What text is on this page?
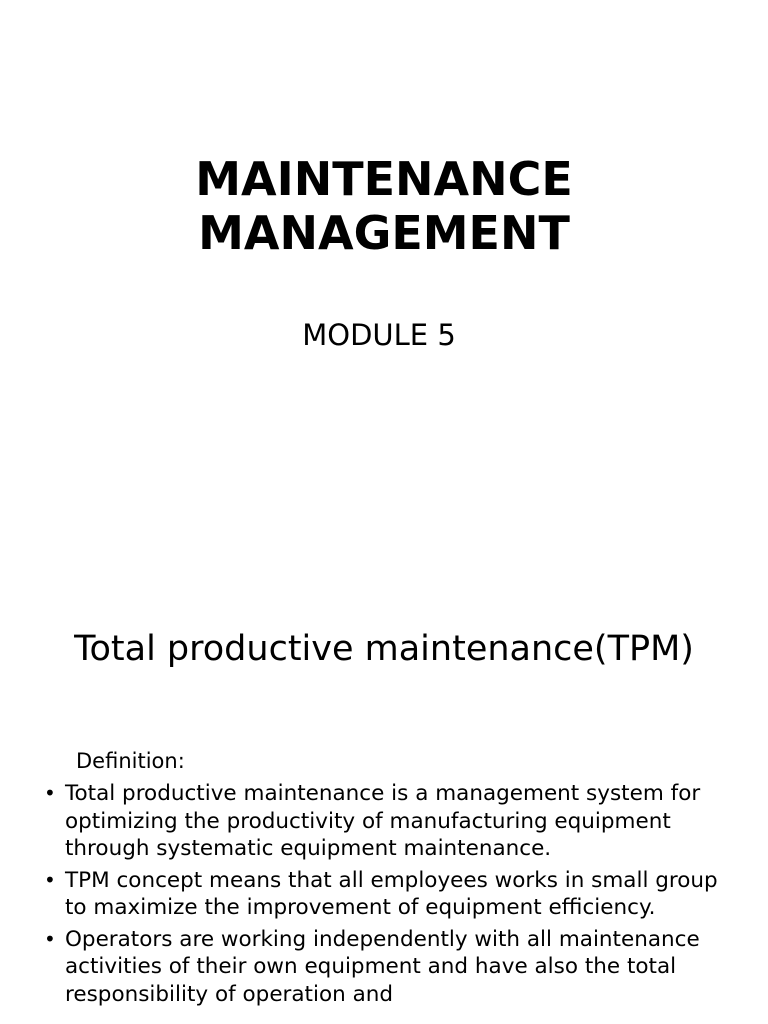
MAINTENANCE
MANAGEMENT

MODULE 5

Total productive maintenance(TPM)

Definition:

• Total productive maintenance is a management system for optimizing the productivity of manufacturing equipment through systematic equipment maintenance.
• TPM concept means that all employees works in small group to maximize the improvement of equipment efficiency.
• Operators are working independently with all maintenance activities of their own equipment and have also the total responsibility of operation and
